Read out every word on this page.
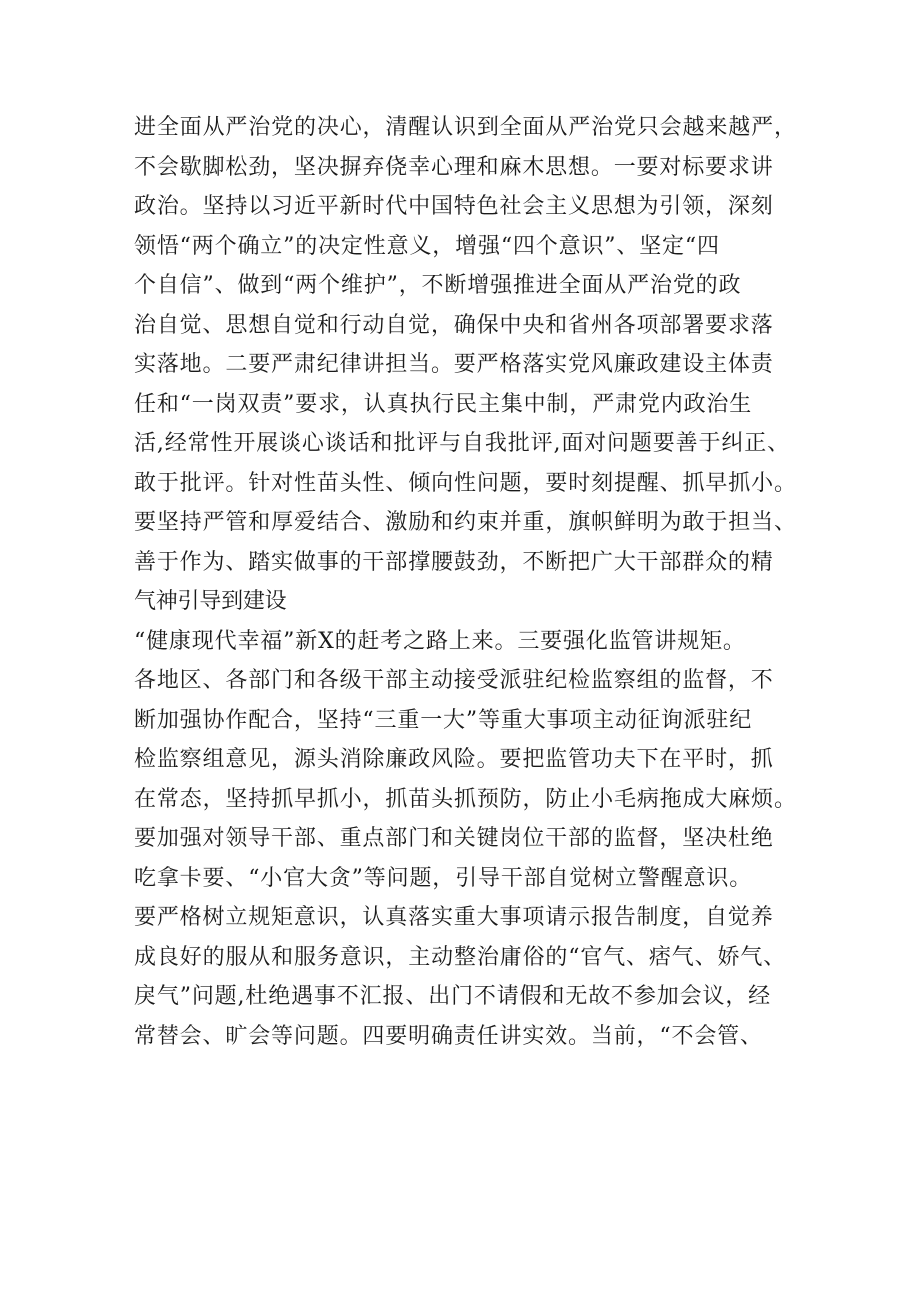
进全面从严治党的决心，清醒认识到全面从严治党只会越来越严，
不会歇脚松劲，坚决摒弃侥幸心理和麻木思想。一要对标要求讲
政治。坚持以习近平新时代中国特色社会主义思想为引领，深刻
领悟“两个确立”的决定性意义，增强“四个意识”、坚定“四
个自信”、做到“两个维护”，不断增强推进全面从严治党的政
治自觉、思想自觉和行动自觉，确保中央和省州各项部署要求落
实落地。二要严肃纪律讲担当。要严格落实党风廉政建设主体责
任和“一岗双责”要求，认真执行民主集中制，严肃党内政治生
活,经常性开展谈心谈话和批评与自我批评,面对问题要善于纠正、
敢于批评。针对性苗头性、倾向性问题，要时刻提醒、抓早抓小。
要坚持严管和厚爱结合、激励和约束并重，旗帜鲜明为敢于担当、
善于作为、踏实做事的干部撑腰鼓劲，不断把广大干部群众的精
气神引导到建设
“健康现代幸福”新X的赶考之路上来。三要强化监管讲规矩。
各地区、各部门和各级干部主动接受派驻纪检监察组的监督，不
断加强协作配合，坚持“三重一大”等重大事项主动征询派驻纪
检监察组意见，源头消除廉政风险。要把监管功夫下在平时，抓
在常态，坚持抓早抓小，抓苗头抓预防，防止小毛病拖成大麻烦。
要加强对领导干部、重点部门和关键岗位干部的监督，坚决杜绝
吃拿卡要、“小官大贪”等问题，引导干部自觉树立警醒意识。
要严格树立规矩意识，认真落实重大事项请示报告制度，自觉养
成良好的服从和服务意识，主动整治庸俗的“官气、痞气、娇气、
戾气”问题,杜绝遇事不汇报、出门不请假和无故不参加会议，经
常替会、旷会等问题。四要明确责任讲实效。当前，“不会管、
